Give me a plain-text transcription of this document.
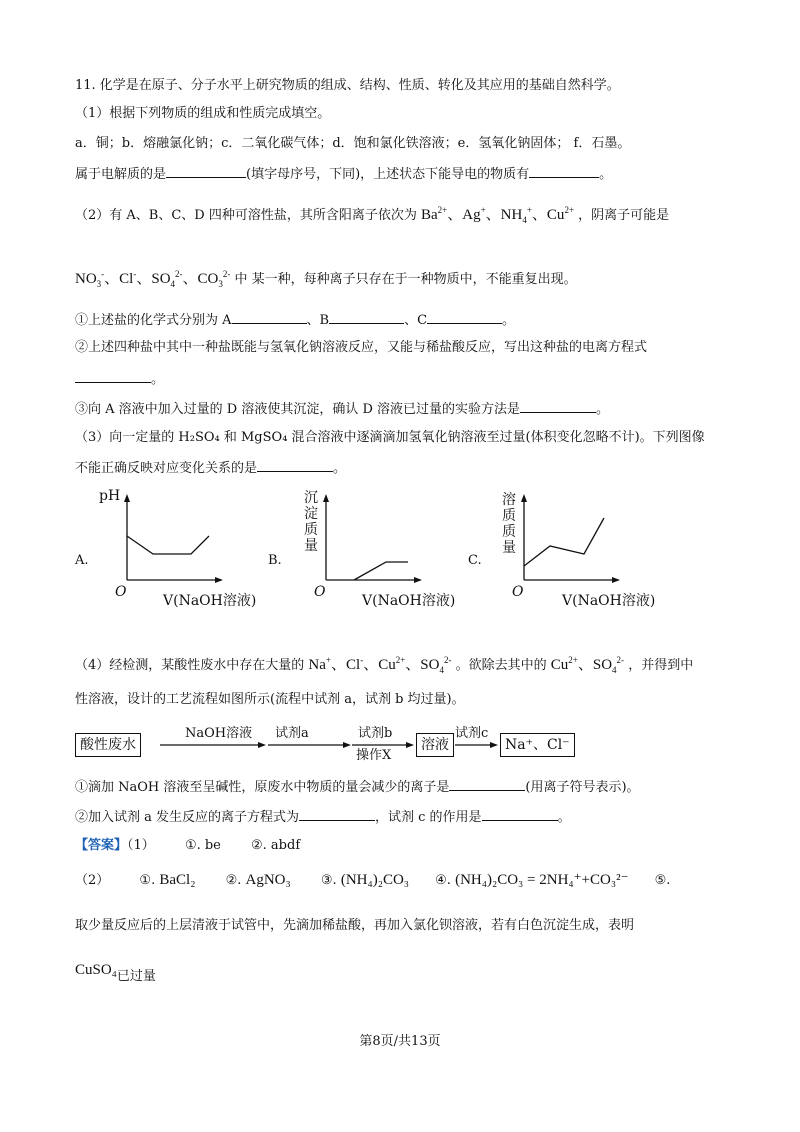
11. 化学是在原子、分子水平上研究物质的组成、结构、性质、转化及其应用的基础自然科学。
（1）根据下列物质的组成和性质完成填空。
a．铜；b．熔融氯化钠；c．二氧化碳气体；d．饱和氯化铁溶液；e．氢氧化钠固体； f．石墨。
属于电解质的是	(填字母序号，下同)，上述状态下能导电的物质有	。
（2）有 A、B、C、D 四种可溶性盐，其所含阳离子依次为 $Ba^{2+}$、Ag+、$NH_4^+$、$Cu^{2+}$ ，阴离子可能是
$NO_3^-$、Cl-、$SO_4^{2-}$、$CO_3^{2-}$ 中 某一种，每种离子只存在于一种物质中，不能重复出现。
①上述盐的化学式分别为 A	、B	、C	。
②上述四种盐中其中一种盐既能与氢氧化钠溶液反应，又能与稀盐酸反应，写出这种盐的电离方程式
。
③向 A 溶液中加入过量的 D 溶液使其沉淀，确认 D 溶液已过量的实验方法是	。
（3）向一定量的 H₂SO₄ 和 MgSO₄ 混合溶液中逐滴滴加氢氧化钠溶液至过量(体积变化忽略不计)。下列图像
不能正确反映对应变化关系的是	。
A.
pH
O
V(NaOH溶液)
B.
沉
淀
质
量
O
V(NaOH溶液)
C.
溶
质
质
量
O
V(NaOH溶液)
（4）经检测，某酸性废水中存在大量的 Na+、Cl-、$Cu^{2+}$、$SO_4^{2-}$ 。欲除去其中的 $Cu^{2+}$、$SO_4^{2-}$ ，并得到中
性溶液，设计的工艺流程如图所示(流程中试剂 a，试剂 b 均过量)。
酸性废水
NaOH溶液 试剂a	试剂b
操作X
溶液
试剂c
Na⁺、Cl⁻
①滴加 NaOH 溶液至呈碱性，原废水中物质的量会减少的离子是	(用离子符号表示)。
②加入试剂 a 发生反应的离子方程式为	，试剂 c 的作用是	。
【答案】（1） ①. be ②. abdf
（2） ①. BaCl₂ ②. AgNO₃ ③. (NH₄)₂CO₃ ④. (NH₄)₂CO₃ = 2NH₄⁺+CO₃²⁻ ⑤.
取少量反应后的上层清液于试管中，先滴加稀盐酸，再加入氯化钡溶液，若有白色沉淀生成，表明
CuSO₄已过量
第8页/共13页
